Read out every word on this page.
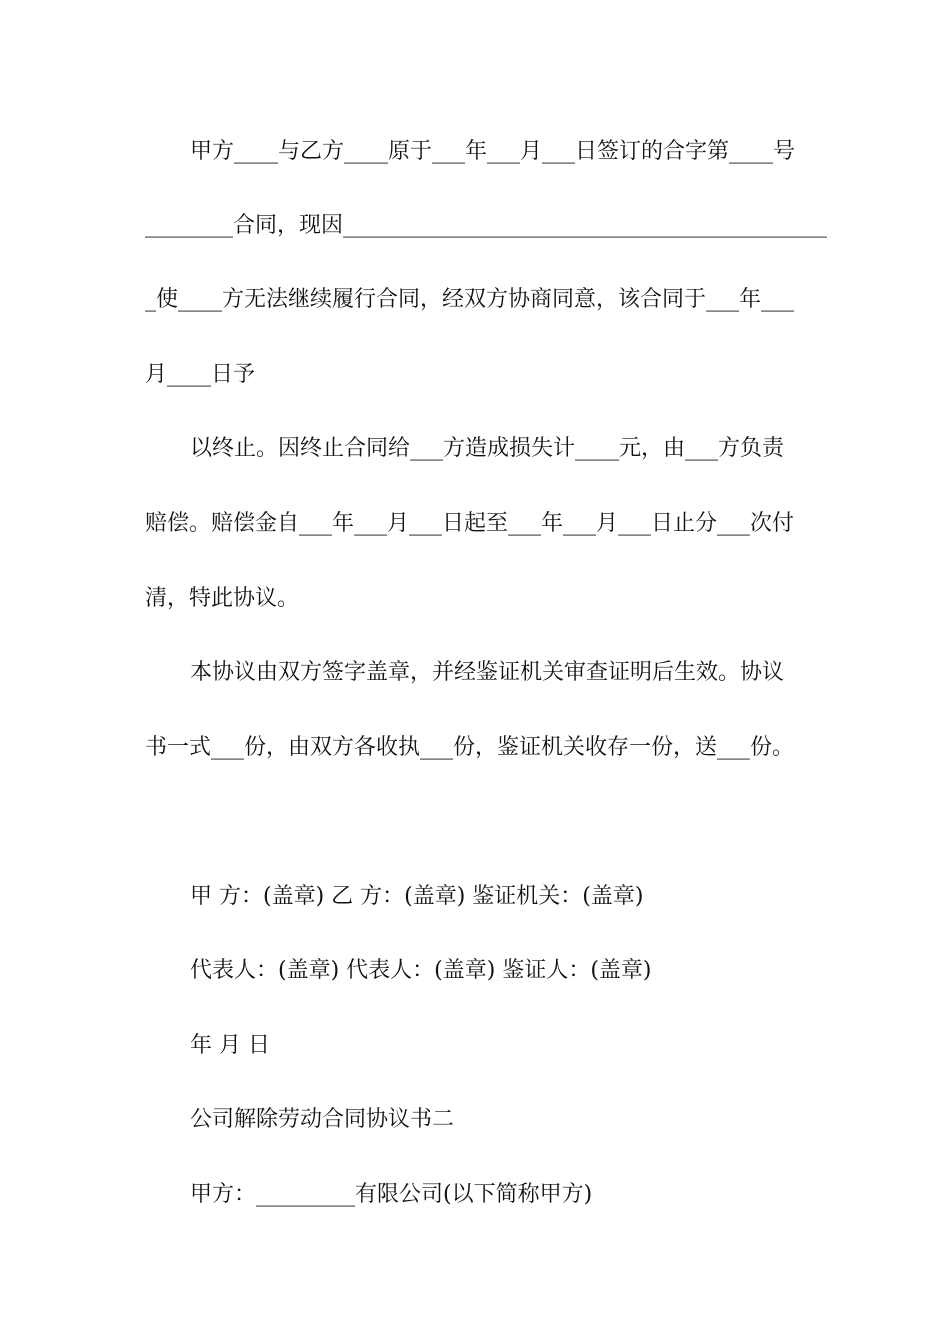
甲方____与乙方____原于___年___月___日签订的合字第____号
________合同，现因____________________________________________
_使____方无法继续履行合同，经双方协商同意，该合同于___年___
月____日予
以终止。因终止合同给___方造成损失计____元，由___方负责
赔偿。赔偿金自___年___月___日起至___年___月___日止分___次付
清，特此协议。
本协议由双方签字盖章，并经鉴证机关审查证明后生效。协议
书一式___份，由双方各收执___份，鉴证机关收存一份，送___份。
甲 方：(盖章) 乙 方：(盖章) 鉴证机关：(盖章)
代表人：(盖章) 代表人：(盖章) 鉴证人：(盖章)
年 月 日
公司解除劳动合同协议书二
甲方：_________有限公司(以下简称甲方)
